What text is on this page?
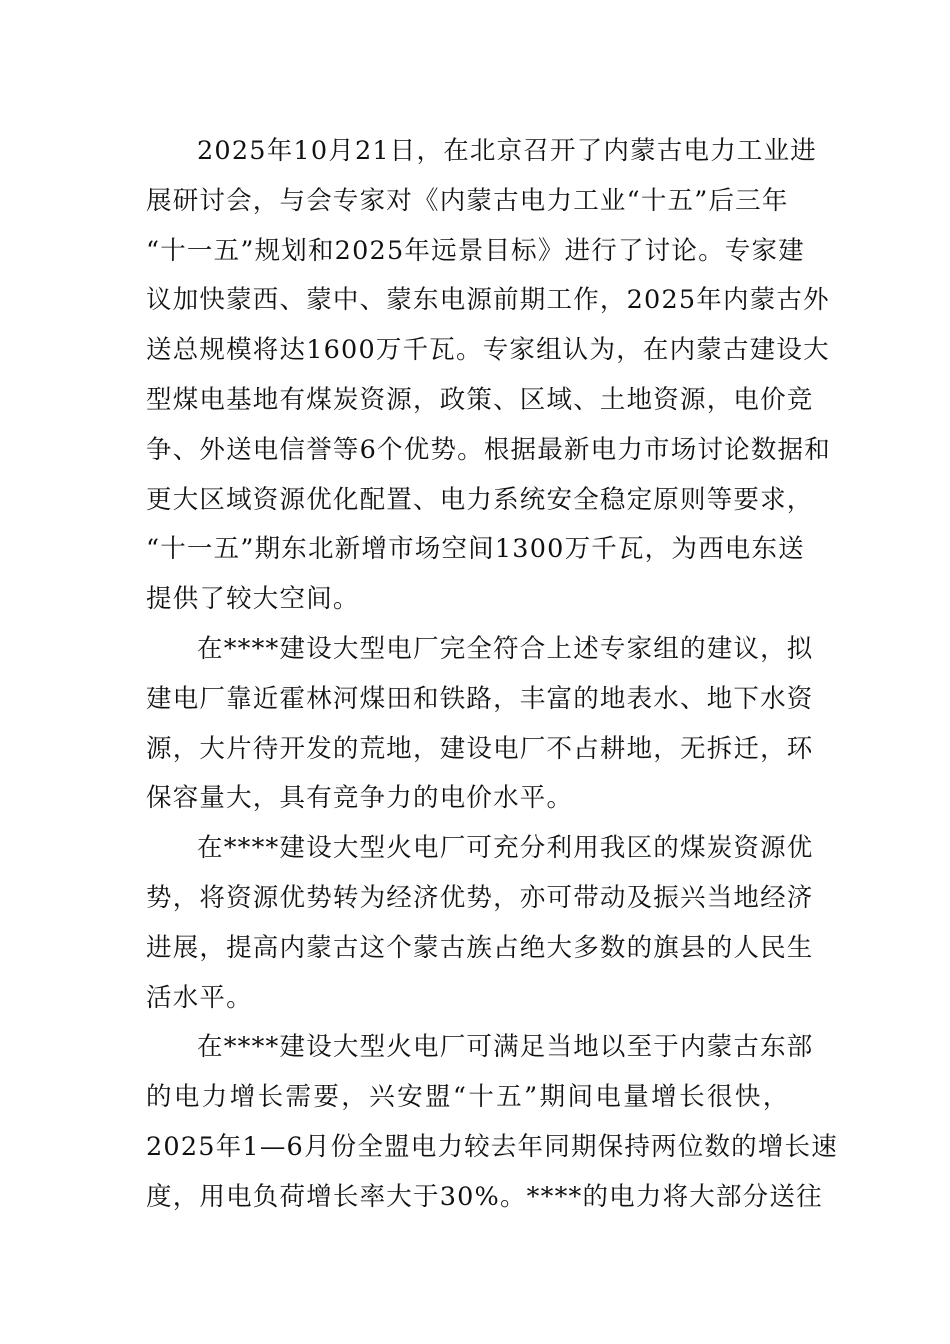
2025年10月21日，在北京召开了内蒙古电力工业进
展研讨会，与会专家对《内蒙古电力工业“十五”后三年
“十一五”规划和2025年远景目标》进行了讨论。专家建
议加快蒙西、蒙中、蒙东电源前期工作，2025年内蒙古外
送总规模将达1600万千瓦。专家组认为，在内蒙古建设大
型煤电基地有煤炭资源，政策、区域、土地资源，电价竞
争、外送电信誉等6个优势。根据最新电力市场讨论数据和
更大区域资源优化配置、电力系统安全稳定原则等要求，
“十一五”期东北新增市场空间1300万千瓦，为西电东送
提供了较大空间。
在****建设大型电厂完全符合上述专家组的建议，拟
建电厂靠近霍林河煤田和铁路，丰富的地表水、地下水资
源，大片待开发的荒地，建设电厂不占耕地，无拆迁，环
保容量大，具有竞争力的电价水平。
在****建设大型火电厂可充分利用我区的煤炭资源优
势，将资源优势转为经济优势，亦可带动及振兴当地经济
进展，提高内蒙古这个蒙古族占绝大多数的旗县的人民生
活水平。
在****建设大型火电厂可满足当地以至于内蒙古东部
的电力增长需要，兴安盟“十五”期间电量增长很快，
2025年1—6月份全盟电力较去年同期保持两位数的增长速
度，用电负荷增长率大于30%。****的电力将大部分送往
